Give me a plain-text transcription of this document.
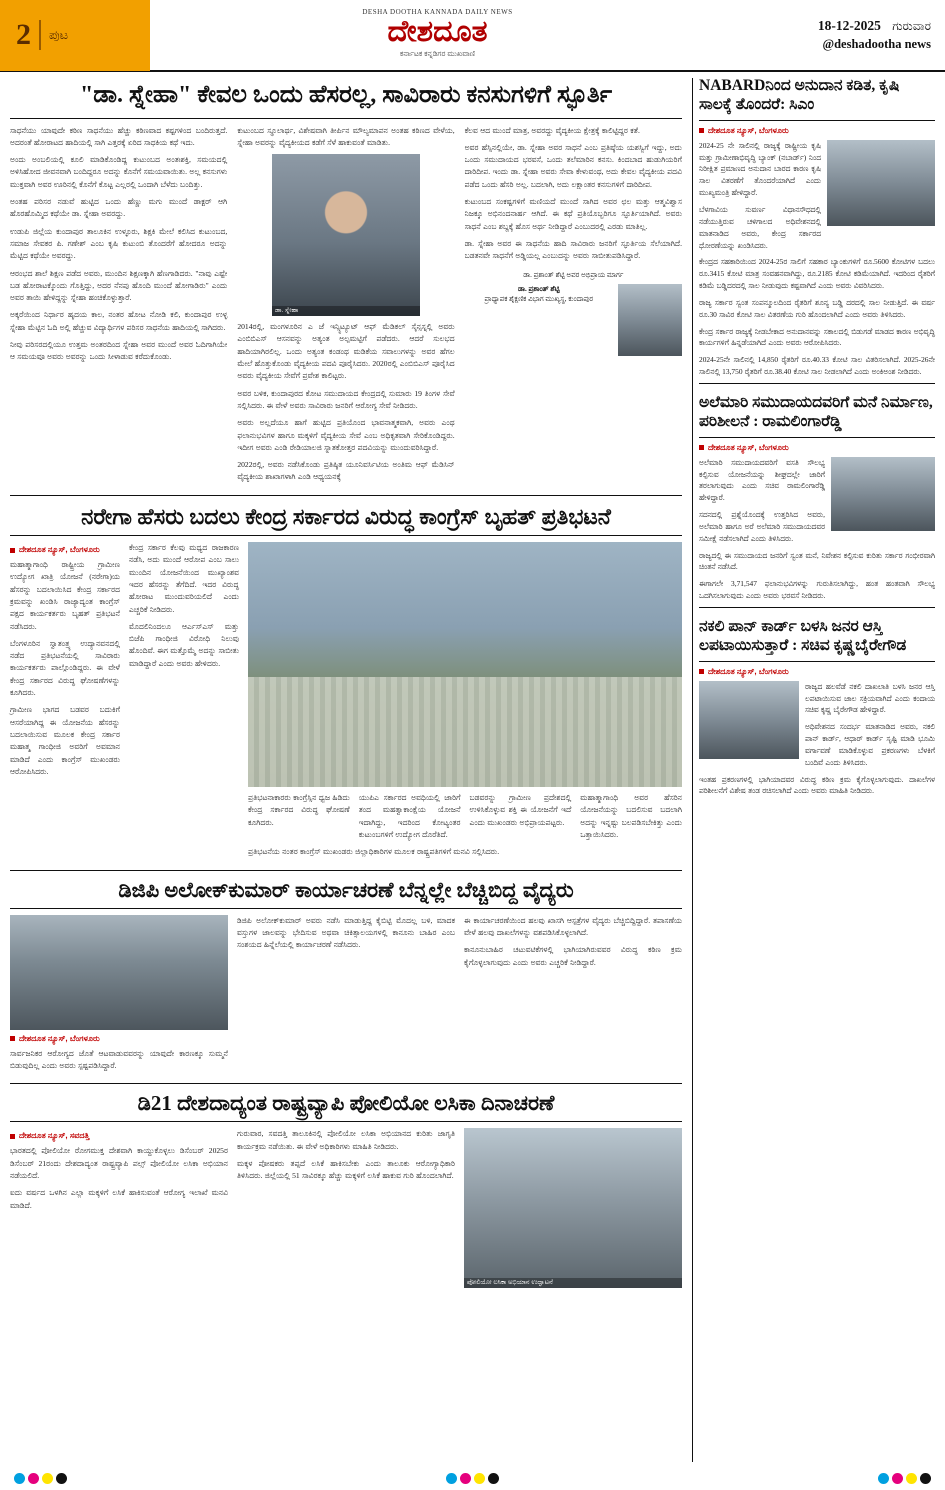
2 ಪುಟ
DESHA DOOTHA KANNADA DAILY NEWS
ದೇಶದೂತ
ಕರ್ನಾಟಕ ಕನ್ನಡಿಗರ ಮುಖವಾಣಿ
18-12-2025 ಗುರುವಾರ
@deshadootha news
"ಡಾ. ಸ್ನೇಹಾ" ಕೇವಲ ಒಂದು ಹೆಸರಲ್ಲ, ಸಾವಿರಾರು ಕನಸುಗಳಿಗೆ ಸ್ಫೂರ್ತಿ

ಸಾಧನೆಯು ಯಾವುದೇ ಕಠಿಣ ಸಾಧನೆಯು ಹೆಚ್ಚು ಕಠಿಣವಾದ ಕಷ್ಟಗಳಿಂದ ಬಂದಿರುತ್ತದೆ. ಅದರಂತೆ ಹೋರಾಟದ ಹಾದಿಯಲ್ಲಿ ಸಾಗಿ ಎತ್ತರಕ್ಕೆ ಏರಿದ ಸಾಧಕಿಯ ಕಥೆ ಇದು.

ಅಂದು ಅಂಬಲಿಯಲ್ಲಿ ಕೂಲಿ ಮಾಡಿಕೊಂಡಿದ್ದ ಕುಟುಂಬದ ಅಂತಃಶಕ್ತಿ, ಸಮಯದಲ್ಲಿ ಅಳಿಸಿಹೋದ ಜೀವನವಾಗಿ ಬಂದಿದ್ದರೂ ಅದನ್ನು ಕೊನೆಗೆ ಸಮಯವಾಯಿತು. ಅಲ್ಲ ಕನಸುಗಳು ಮುಕ್ತವಾಗಿ ಅವರ ಊರಿನಲ್ಲಿ ಕೊನೆಗೆ ಕೊಟ್ಟ ಎಲ್ಲರಲ್ಲಿ ಒಂದಾಗಿ ಬೆಳೆದು ಬಂದಿತ್ತು.

ಅಂತಹ ಪರಿಸರ ನಡುವೆ ಹುಟ್ಟಿದ ಒಂದು ಹೆಣ್ಣು ಮಗು ಮುಂದೆ ಡಾಕ್ಟರ್ ಆಗಿ ಹೊರಹೊಮ್ಮಿದ ಕಥೆಯೇ ಡಾ. ಸ್ನೇಹಾ ಅವರದ್ದು.

ಉಡುಪಿ ಜಿಲ್ಲೆಯ ಕುಂದಾಪುರ ತಾಲೂಕಿನ ಉಳ್ಳೂರು, ಶಿಕ್ಷಕಿ ಮೇಲೆ ಕಲಿಸಿದ ಕುಟುಂಬದ, ಸಮಾಜ ಸೇವಕರ ಪಿ. ಗಣೇಶ್ ಎಂಬ ಕೃಷಿ ಕುಟುಂಬಿ ತೊಂದರೆಗೆ ಹೋದರೂ ಅದನ್ನು ಮೆಟ್ಟಿದ ಕಥೆಯೇ ಅವರದ್ದು.

ಆರಂಭದ ಶಾಲೆ ಶಿಕ್ಷಣ ಪಡೆದ ಅವರು, ಮುಂದಿನ ಶಿಕ್ಷಣಕ್ಕಾಗಿ ಹೆಣಗಾಡಿದರು. "ನಾವು ಎಷ್ಟೇ ಬಡ ಹೋರಾಟಕ್ಕೊಂದು ಗೊತ್ತಿದ್ದು, ಅದರ ನೆನಪು ಹೊಂದಿ ಮುಂದೆ ಹೋಗಾಡಿರು" ಎಂದು ಅವರ ತಾಯಿ ಹೇಳಿದ್ದನ್ನು ಸ್ನೇಹಾ ಹಂಚಿಕೊಳ್ಳುತ್ತಾರೆ.

ಅಕ್ಕರೆಯಿಂದ ನಿರ್ಧಾರ ಹೃದಯ ಕಾಲ, ನಂತರ ಹೋಟ ನೋಡಿ ಕಲಿ, ಕುಂದಾಪುರ ಉಳ್ಳ ಸ್ನೇಹಾ ಮೆಟ್ಟಿನ ಓದಿ ಅಲ್ಲಿ ಹೆಚ್ಚುವ ವಿದ್ಯಾರ್ಥಿಗಳ ಪರಿಸರ ಸಾಧನೆಯ ಹಾದಿಯಲ್ಲಿ ಸಾಗಿದರು.

ನೀವು ಪರಿಸರದಲ್ಲಿಯೂ ಉತ್ತಮ ಅಂತರದಿಂದ ಸ್ನೇಹಾ ಅವರ ಮುಂದೆ ಅವರ ಓದಿಗಾಗಿಯೇ ಆ ಸಮಯವೂ ಅವರು ಅವರನ್ನು ಒಂದು ಸೀಳಾಡುವ ಕರೆದುಕೊಂಡು.

ಕುಟುಂಬದ ಸ್ಥೂಲಾರ್ಥ, ವಿಶೇಷವಾಗಿ ತೀರ್ಪಿನ ಮೌಲ್ಯಮಾಪನ ಅಂತಹ ಕಠಿಣದ ವೇಳೆಯ, ಸ್ನೇಹಾ ಅವರನ್ನು ವೈದ್ಯಕೀಯದ ಕಡೆಗೆ ಸೆಳೆ ಹಾಕುವಂತೆ ಮಾಡಿತು.

ಡಾ. ಸ್ನೇಹಾ

2014ರಲ್ಲಿ, ಮಂಗಳೂರಿನ ಎ ಜೆ ಇನ್ಸ್ಟಿಟ್ಯೂಟ್ ಆಫ್ ಮೆಡಿಕಲ್ ಸೈನ್ಸಸ್ನಲ್ಲಿ ಅವರು ಎಂಬಿಬಿಎಸ್ ಆಸನವನ್ನು ಅತ್ಯಂತ ಅಲ್ಪಮಟ್ಟಿಗೆ ಪಡೆದರು. ಆದರೆ ಸುಲಭದ ಹಾದಿಯಾಗಿರಲಿಲ್ಲ. ಒಂದು ಅತ್ಯಂತ ಕಂಡಂಥ ಮಡಿಕೆಯ ಸವಾಲುಗಳನ್ನು ಅವರ ಹೆಗಲ ಮೇಲೆ ಹೊತ್ತುಕೊಂಡು ವೈದ್ಯಕೀಯ ಪದವಿ ಪೂರೈಸಿದರು. 2020ರಲ್ಲಿ ಎಂಬಿಬಿಎಸ್ ಪೂರೈಸಿದ ಅವರು ವೈದ್ಯಕೀಯ ಸೇವೆಗೆ ಪ್ರವೇಶ ಕಾಲಿಟ್ಟರು.

ಅವರ ಬಳಿಕ, ಕುಂದಾಪುರದ ಕೋಟ ಸಮುದಾಯದ ಕೇಂದ್ರದಲ್ಲಿ ಸುಮಾರು 19 ತಿಂಗಳ ಸೇವೆ ಸಲ್ಲಿಸಿದರು. ಈ ವೇಳೆ ಅವರು ಸಾವಿರಾರು ಜನರಿಗೆ ಆರೋಗ್ಯ ಸೇವೆ ನೀಡಿದರು.

ಅವರು ಅಲ್ಲದೆಯೂ ಹಾಗೆ ಹುಟ್ಟಿದ ಪ್ರತಿಯೊಂದ ಭಾವನಾತ್ಮಕವಾಗಿ, ಅವರು ಎಂಥ ಫಲಾನುಭವಿಗಳ ಹಾಗೂ ಮಕ್ಕಳಿಗೆ ವೈದ್ಯಕೀಯ ಸೇವೆ ಎಂಬ ಅಧಿಕೃತವಾಗಿ ಸೇರಿಕೊಂಡಿದ್ದರು. ಇದೀಗ ಅವರು ಎಂಡಿ ರೇಡಿಯಾಲಜಿ ಸ್ನಾತಕೋತ್ತರ ಪದವಿಯನ್ನು ಮುಂದುವರಿಸಿದ್ದಾರೆ.

2022ರಲ್ಲಿ, ಅವರು ನಡೆಸಿಕೊಂಡು ಪ್ರತಿಷ್ಠಿತ ಯೂನಿವರ್ಸಿಟಿಯ ಅಂತಿಮ ಆಫ್ ಮೆಡಿಸಿನ್ ವೈದ್ಯಕೀಯ ಶಾಖಾಗಳಾಗಿ ಎಂಡಿ ಆಧ್ಯಯನಕ್ಕೆ

ಕೆಲವ ಆದ ಮುಂದೆ ಮಾತ್ರ, ಅವರದ್ದು ವೈದ್ಯಕೀಯ ಕ್ಷೇತ್ರಕ್ಕೆ ಕಾಲಿಟ್ಟಿದ್ದರ ಕತೆ.

ಅವರ ಹೆಸ್ಸಿನಲ್ಲಿಯೇ, ಡಾ. ಸ್ನೇಹಾ ಅವರ ಸಾಧನೆ ಎಂಬ ಪ್ರತಿಷ್ಠೆಯ ಯಶಸ್ವಿಗೆ ಇದ್ದು, ಅದು ಒಂದು ಸಮುದಾಯದ ಭರವಸೆ, ಒಂದು ತಲೆಮಾರಿನ ಕನಸು. ಕಿಂದಬಾದ ಹುಡುಗಿಯರಿಗೆ ದಾರಿದೀಪ. ಇಂದು ಡಾ. ಸ್ನೇಹಾ ಅವರು ಸೇವಾ ಕೇಳುವಂಥ, ಅದು ಕೇವಲ ವೈದ್ಯಕೀಯ ಪದವಿ ಪಡೆದ ಒಂದು ಹೆಸರಿ ಅಲ್ಲ. ಬದಲಾಗಿ, ಅದು ಲಕ್ಷಾಂತರ ಕನಸುಗಳಿಗೆ ದಾರಿದೀಪ.

ಕುಟುಂಬದ ಸಂಕಷ್ಟಗಳಿಗೆ ಮಣಿಯದೆ ಮುಂದೆ ಸಾಗಿದ ಅವರ ಛಲ ಮತ್ತು ಆತ್ಮವಿಶ್ವಾಸ ನಿಜಕ್ಕೂ ಅಭಿನಂದನಾರ್ಹ ಆಗಿದೆ. ಈ ಕಥೆ ಪ್ರತಿಯೊಬ್ಬರಿಗೂ ಸ್ಫೂರ್ತಿಯಾಗಿದೆ. ಅವರು ಸಾಧನೆ ಎಂಬ ಶಬ್ದಕ್ಕೆ ಹೊಸ ಅರ್ಥ ನೀಡಿದ್ದಾರೆ ಎಂಬುದರಲ್ಲಿ ಎರಡು ಮಾತಿಲ್ಲ.

ಡಾ. ಸ್ನೇಹಾ ಅವರ ಈ ಸಾಧನೆಯ ಹಾದಿ ಸಾವಿರಾರು ಜನರಿಗೆ ಸ್ಫೂರ್ತಿಯ ಸೆಲೆಯಾಗಿದೆ. ಬಡತನವೇ ಸಾಧನೆಗೆ ಅಡ್ಡಿಯಲ್ಲ ಎಂಬುದನ್ನು ಅವರು ಸಾಬೀತುಪಡಿಸಿದ್ದಾರೆ.

ಡಾ. ಪ್ರಶಾಂತ್ ಶೆಟ್ಟಿ ಅವರ ಅಭಿಪ್ರಾಯ ಮಾರ್ಗ
ಡಾ. ಪ್ರಶಾಂತ್ ಶೆಟ್ಟಿ
ಪ್ರಾಧ್ಯಾಪಕ ಶೈಕ್ಷಣಿಕ ವಿಭಾಗ ಮುಖ್ಯಸ್ಥ, ಕುಂದಾಪುರ
ನರೇಗಾ ಹೆಸರು ಬದಲು ಕೇಂದ್ರ ಸರ್ಕಾರದ ವಿರುದ್ಧ ಕಾಂಗ್ರೆಸ್ ಬೃಹತ್ ಪ್ರತಿಭಟನೆ
ದೇಶದೂತ ನ್ಯೂಸ್, ಬೆಂಗಳೂರು

ಮಹಾತ್ಮಾಗಾಂಧಿ ರಾಷ್ಟ್ರೀಯ ಗ್ರಾಮೀಣ ಉದ್ಯೋಗ ಖಾತ್ರಿ ಯೋಜನೆ (ನರೇಗಾ)ಯ ಹೆಸರನ್ನು ಬದಲಾಯಿಸಿದ ಕೇಂದ್ರ ಸರ್ಕಾರದ ಕ್ರಮವನ್ನು ಖಂಡಿಸಿ ರಾಜ್ಯಾದ್ಯಂತ ಕಾಂಗ್ರೆಸ್ ಪಕ್ಷದ ಕಾರ್ಯಕರ್ತರು ಬೃಹತ್ ಪ್ರತಿಭಟನೆ ನಡೆಸಿದರು.

ಬೆಂಗಳೂರಿನ ಸ್ವಾತಂತ್ರ್ಯ ಉದ್ಯಾನವನದಲ್ಲಿ ನಡೆದ ಪ್ರತಿಭಟನೆಯಲ್ಲಿ ಸಾವಿರಾರು ಕಾರ್ಯಕರ್ತರು ಪಾಲ್ಗೊಂಡಿದ್ದರು. ಈ ವೇಳೆ ಕೇಂದ್ರ ಸರ್ಕಾರದ ವಿರುದ್ಧ ಘೋಷಣೆಗಳನ್ನು ಕೂಗಿದರು.

ಗ್ರಾಮೀಣ ಭಾಗದ ಬಡವರ ಬದುಕಿಗೆ ಆಸರೆಯಾಗಿದ್ದ ಈ ಯೋಜನೆಯ ಹೆಸರನ್ನು ಬದಲಾಯಿಸುವ ಮೂಲಕ ಕೇಂದ್ರ ಸರ್ಕಾರ ಮಹಾತ್ಮ ಗಾಂಧೀಜಿ ಅವರಿಗೆ ಅವಮಾನ ಮಾಡಿದೆ ಎಂದು ಕಾಂಗ್ರೆಸ್ ಮುಖಂಡರು ಆರೋಪಿಸಿದರು.

ಕೇಂದ್ರ ಸರ್ಕಾರ ಕೆಲವು ಮಧ್ಯದ ರಾಜಕಾರಣ ನಡೆಸಿ, ಅದು ಮುಂದೆ ಆರೋಪ ಎಂಬ ಸಾಲು ಮುಂದಿನ ಯೋಜನೆಯಿಂದ ಮುಖ್ಯಾಂಶವ ಇದರ ಹೆಸರನ್ನು ತೆಗೆದಿದೆ. ಇದರ ವಿರುದ್ಧ ಹೋರಾಟ ಮುಂದುವರಿಯಲಿದೆ ಎಂದು ಎಚ್ಚರಿಕೆ ನೀಡಿದರು.

ಮೊದಲಿನಿಂದಲೂ ಆರ್ಎಸ್ಎಸ್ ಮತ್ತು ಬಿಜೆಪಿ ಗಾಂಧೀಜಿ ವಿರೋಧಿ ನಿಲುವು ಹೊಂದಿವೆ. ಈಗ ಮತ್ತೊಮ್ಮೆ ಅದನ್ನು ಸಾಬೀತು ಮಾಡಿದ್ದಾರೆ ಎಂದು ಅವರು ಹೇಳಿದರು.

ಪ್ರತಿಭಟನಾಕಾರರು ಕಾಂಗ್ರೆಸ್ಸಿನ ಧ್ವಜ ಹಿಡಿದು ಕೇಂದ್ರ ಸರ್ಕಾರದ ವಿರುದ್ಧ ಘೋಷಣೆ ಕೂಗಿದರು.

ಯುಪಿಎ ಸರ್ಕಾರದ ಅವಧಿಯಲ್ಲಿ ಜಾರಿಗೆ ತಂದ ಮಹತ್ವಾಕಾಂಕ್ಷೆಯ ಯೋಜನೆ ಇದಾಗಿದ್ದು, ಇದರಿಂದ ಕೋಟ್ಯಂತರ ಕುಟುಂಬಗಳಿಗೆ ಉದ್ಯೋಗ ದೊರೆತಿದೆ.

ಬಡವರನ್ನು ಗ್ರಾಮೀಣ ಪ್ರದೇಶದಲ್ಲಿ ಉಳಿಸಿಕೊಳ್ಳುವ ಶಕ್ತಿ ಈ ಯೋಜನೆಗೆ ಇದೆ ಎಂದು ಮುಖಂಡರು ಅಭಿಪ್ರಾಯಪಟ್ಟರು.

ಮಹಾತ್ಮಾಗಾಂಧಿ ಅವರ ಹೆಸರಿನ ಯೋಜನೆಯನ್ನು ಬದಲಿಸುವ ಬದಲಾಗಿ ಅದನ್ನು ಇನ್ನಷ್ಟು ಬಲಪಡಿಸಬೇಕಿತ್ತು ಎಂದು ಒತ್ತಾಯಿಸಿದರು.

ಪ್ರತಿಭಟನೆಯ ನಂತರ ಕಾಂಗ್ರೆಸ್ ಮುಖಂಡರು ಜಿಲ್ಲಾಧಿಕಾರಿಗಳ ಮೂಲಕ ರಾಷ್ಟ್ರಪತಿಗಳಿಗೆ ಮನವಿ ಸಲ್ಲಿಸಿದರು.

ಡಿಜಿಪಿ ಅಲೋಕ್‌ಕುಮಾರ್ ಕಾರ್ಯಾಚರಣೆ ಬೆನ್ನಲ್ಲೇ ಬೆಚ್ಚಿಬಿದ್ದ ವೈದ್ಯರು
ದೇಶದೂತ ನ್ಯೂಸ್, ಬೆಂಗಳೂರು

ಸಾರ್ವಜನಿಕರ ಆರೋಗ್ಯದ ಜೊತೆ ಆಟವಾಡುವವರನ್ನು ಯಾವುದೇ ಕಾರಣಕ್ಕೂ ಸುಮ್ಮನೆ ಬಿಡುವುದಿಲ್ಲ ಎಂದು ಅವರು ಸ್ಪಷ್ಟಪಡಿಸಿದ್ದಾರೆ.

ಡಿಜಿಪಿ ಅಲೋಕ್‌ಕುಮಾರ್ ಅವರು ನಡೆಸಿ ಮಾಡುತ್ತಿದ್ದ ಕೈಬಿಟ್ಟಿ ಮೊದಲ್ಲ ಬಳಿ, ಮಾದಕ ವಸ್ತುಗಳ ಜಾಲವನ್ನು ಭೇದಿಸುವ ಅಥವಾ ಚಿಕಿತ್ಸಾಲಯಗಳಲ್ಲಿ ಕಾನೂನು ಬಾಹಿರ ಎಂಬ ಸಂಶಯದ ಹಿನ್ನೆಲೆಯಲ್ಲಿ ಕಾರ್ಯಾಚರಣೆ ನಡೆಸಿದರು.

ಈ ಕಾರ್ಯಾಚರಣೆಯಿಂದ ಹಲವು ಖಾಸಗಿ ಆಸ್ಪತ್ರೆಗಳ ವೈದ್ಯರು ಬೆಚ್ಚಿಬಿದ್ದಿದ್ದಾರೆ. ತಪಾಸಣೆಯ ವೇಳೆ ಹಲವು ದಾಖಲೆಗಳನ್ನು ವಶಪಡಿಸಿಕೊಳ್ಳಲಾಗಿದೆ.

ಕಾನೂನುಬಾಹಿರ ಚಟುವಟಿಕೆಗಳಲ್ಲಿ ಭಾಗಿಯಾಗಿರುವವರ ವಿರುದ್ಧ ಕಠಿಣ ಕ್ರಮ ಕೈಗೊಳ್ಳಲಾಗುವುದು ಎಂದು ಅವರು ಎಚ್ಚರಿಕೆ ನೀಡಿದ್ದಾರೆ.

ಡಿ21 ದೇಶದಾದ್ಯಂತ ರಾಷ್ಟ್ರವ್ಯಾಪಿ ಪೋಲಿಯೋ ಲಸಿಕಾ ದಿನಾಚರಣೆ
ದೇಶದೂತ ನ್ಯೂಸ್, ಸವದತ್ತಿ

ಭಾರತದಲ್ಲಿ ಪೋಲಿಯೋ ರೋಗಮುಕ್ತ ದೇಶವಾಗಿ ಕಾಯ್ದುಕೊಳ್ಳಲು ಡಿಸೆಂಬರ್ 2025ರ ಡಿಸೆಂಬರ್ 21ರಂದು ದೇಶದಾದ್ಯಂತ ರಾಷ್ಟ್ರವ್ಯಾಪಿ ಪಲ್ಸ್ ಪೋಲಿಯೋ ಲಸಿಕಾ ಅಭಿಯಾನ ನಡೆಯಲಿದೆ.

ಐದು ವರ್ಷದ ಒಳಗಿನ ಎಲ್ಲಾ ಮಕ್ಕಳಿಗೆ ಲಸಿಕೆ ಹಾಕಿಸುವಂತೆ ಆರೋಗ್ಯ ಇಲಾಖೆ ಮನವಿ ಮಾಡಿದೆ.

ಗುರುವಾರ, ಸವದತ್ತಿ ತಾಲೂಕಿನಲ್ಲಿ ಪೋಲಿಯೋ ಲಸಿಕಾ ಅಭಿಯಾನದ ಕುರಿತು ಜಾಗೃತಿ ಕಾರ್ಯಕ್ರಮ ನಡೆಯಿತು. ಈ ವೇಳೆ ಅಧಿಕಾರಿಗಳು ಮಾಹಿತಿ ನೀಡಿದರು.

ಮಕ್ಕಳ ಪೋಷಕರು ತಪ್ಪದೆ ಲಸಿಕೆ ಹಾಕಿಸಬೇಕು ಎಂದು ತಾಲೂಕು ಆರೋಗ್ಯಾಧಿಕಾರಿ ತಿಳಿಸಿದರು. ಜಿಲ್ಲೆಯಲ್ಲಿ 51 ಸಾವಿರಕ್ಕೂ ಹೆಚ್ಚು ಮಕ್ಕಳಿಗೆ ಲಸಿಕೆ ಹಾಕುವ ಗುರಿ ಹೊಂದಲಾಗಿದೆ.

ಪೋಲಿಯೋ ಲಸಿಕಾ ಅಭಿಯಾನ ಉದ್ಘಾಟನೆ
NABARDನಿಂದ ಅನುದಾನ ಕಡಿತ, ಕೃಷಿ ಸಾಲಕ್ಕೆ ತೊಂದರೆ: ಸಿಎಂ
ದೇಶದೂತ ನ್ಯೂಸ್, ಬೆಂಗಳೂರು

2024-25 ನೇ ಸಾಲಿನಲ್ಲಿ ರಾಜ್ಯಕ್ಕೆ ರಾಷ್ಟ್ರೀಯ ಕೃಷಿ ಮತ್ತು ಗ್ರಾಮೀಣಾಭಿವೃದ್ಧಿ ಬ್ಯಾಂಕ್ (ನಬಾರ್ಡ್) ನಿಂದ ನಿರೀಕ್ಷಿತ ಪ್ರಮಾಣದ ಅನುದಾನ ಬಾರದ ಕಾರಣ ಕೃಷಿ ಸಾಲ ವಿತರಣೆಗೆ ತೊಂದರೆಯಾಗಿದೆ ಎಂದು ಮುಖ್ಯಮಂತ್ರಿ ಹೇಳಿದ್ದಾರೆ.

ಬೆಳಗಾವಿಯ ಸುವರ್ಣ ವಿಧಾನಸೌಧದಲ್ಲಿ ನಡೆಯುತ್ತಿರುವ ಚಳಿಗಾಲದ ಅಧಿವೇಶನದಲ್ಲಿ ಮಾತನಾಡಿದ ಅವರು, ಕೇಂದ್ರ ಸರ್ಕಾರದ ಧೋರಣೆಯನ್ನು ಖಂಡಿಸಿದರು.

ಕೇಂದ್ರದ ಸಹಕಾರಿಯಿಂದ 2024-25ರ ಸಾಲಿಗೆ ಸಹಕಾರ ಬ್ಯಾಂಕುಗಳಿಗೆ ರೂ.5600 ಕೋಟಿಗಳ ಬದಲು ರೂ.3415 ಕೋಟಿ ಮಾತ್ರ ಸಂವಹನವಾಗಿದ್ದು, ರೂ.2185 ಕೋಟಿ ಕಡಿಮೆಯಾಗಿದೆ. ಇದರಿಂದ ರೈತರಿಗೆ ಕಡಿಮೆ ಬಡ್ಡಿದರದಲ್ಲಿ ಸಾಲ ನೀಡುವುದು ಕಷ್ಟವಾಗಿದೆ ಎಂದು ಅವರು ವಿವರಿಸಿದರು.

ರಾಜ್ಯ ಸರ್ಕಾರ ಸ್ವಂತ ಸಂಪನ್ಮೂಲದಿಂದ ರೈತರಿಗೆ ಶೂನ್ಯ ಬಡ್ಡಿ ದರದಲ್ಲಿ ಸಾಲ ನೀಡುತ್ತಿದೆ. ಈ ವರ್ಷ ರೂ.30 ಸಾವಿರ ಕೋಟಿ ಸಾಲ ವಿತರಣೆಯ ಗುರಿ ಹೊಂದಲಾಗಿದೆ ಎಂದು ಅವರು ತಿಳಿಸಿದರು.

ಕೇಂದ್ರ ಸರ್ಕಾರ ರಾಜ್ಯಕ್ಕೆ ನೀಡಬೇಕಾದ ಅನುದಾನವನ್ನು ಸಕಾಲದಲ್ಲಿ ಬಿಡುಗಡೆ ಮಾಡದ ಕಾರಣ ಅಭಿವೃದ್ಧಿ ಕಾರ್ಯಗಳಿಗೆ ಹಿನ್ನಡೆಯಾಗಿದೆ ಎಂದು ಅವರು ಆರೋಪಿಸಿದರು.

2024-25ನೇ ಸಾಲಿನಲ್ಲಿ 14,850 ರೈತರಿಗೆ ರೂ.40.33 ಕೋಟಿ ಸಾಲ ವಿತರಿಸಲಾಗಿದೆ. 2025-26ನೇ ಸಾಲಿನಲ್ಲಿ 13,750 ರೈತರಿಗೆ ರೂ.38.40 ಕೋಟಿ ಸಾಲ ನೀಡಲಾಗಿದೆ ಎಂದು ಅಂಕಿಅಂಶ ನೀಡಿದರು.

ಅಲೆಮಾರಿ ಸಮುದಾಯದವರಿಗೆ ಮನೆ ನಿರ್ಮಾಣ, ಪರಿಶೀಲನೆ : ರಾಮಲಿಂಗಾರೆಡ್ಡಿ
ದೇಶದೂತ ನ್ಯೂಸ್, ಬೆಂಗಳೂರು

ಅಲೆಮಾರಿ ಸಮುದಾಯದವರಿಗೆ ವಸತಿ ಸೌಲಭ್ಯ ಕಲ್ಪಿಸುವ ಯೋಜನೆಯನ್ನು ಶೀಘ್ರದಲ್ಲೇ ಜಾರಿಗೆ ತರಲಾಗುವುದು ಎಂದು ಸಚಿವ ರಾಮಲಿಂಗಾರೆಡ್ಡಿ ಹೇಳಿದ್ದಾರೆ.

ಸದನದಲ್ಲಿ ಪ್ರಶ್ನೆಯೊಂದಕ್ಕೆ ಉತ್ತರಿಸಿದ ಅವರು, ಅಲೆಮಾರಿ ಹಾಗೂ ಅರೆ ಅಲೆಮಾರಿ ಸಮುದಾಯದವರ ಸಮೀಕ್ಷೆ ನಡೆಸಲಾಗಿದೆ ಎಂದು ತಿಳಿಸಿದರು.

ರಾಜ್ಯದಲ್ಲಿ ಈ ಸಮುದಾಯದ ಜನರಿಗೆ ಸ್ವಂತ ಮನೆ, ನಿವೇಶನ ಕಲ್ಪಿಸುವ ಕುರಿತು ಸರ್ಕಾರ ಗಂಭೀರವಾಗಿ ಚಿಂತನೆ ನಡೆಸಿದೆ.

ಈಗಾಗಲೇ 3,71,547 ಫಲಾನುಭವಿಗಳನ್ನು ಗುರುತಿಸಲಾಗಿದ್ದು, ಹಂತ ಹಂತವಾಗಿ ಸೌಲಭ್ಯ ಒದಗಿಸಲಾಗುವುದು ಎಂದು ಅವರು ಭರವಸೆ ನೀಡಿದರು.

ನಕಲಿ ಪಾನ್ ಕಾರ್ಡ್ ಬಳಸಿ ಜನರ ಆಸ್ತಿ ಲಪಟಾಯಿಸುತ್ತಾರೆ : ಸಚಿವ ಕೃಷ್ಣಬೈರೇಗೌಡ
ದೇಶದೂತ ನ್ಯೂಸ್, ಬೆಂಗಳೂರು

ರಾಜ್ಯದ ಹಲವೆಡೆ ನಕಲಿ ದಾಖಲಾತಿ ಬಳಸಿ ಜನರ ಆಸ್ತಿ ಲಪಟಾಯಿಸುವ ಜಾಲ ಸಕ್ರಿಯವಾಗಿದೆ ಎಂದು ಕಂದಾಯ ಸಚಿವ ಕೃಷ್ಣ ಬೈರೇಗೌಡ ಹೇಳಿದ್ದಾರೆ.

ಅಧಿವೇಶನದ ಸಂದರ್ಭ ಮಾತನಾಡಿದ ಅವರು, ನಕಲಿ ಪಾನ್ ಕಾರ್ಡ್, ಆಧಾರ್ ಕಾರ್ಡ್ ಸೃಷ್ಟಿ ಮಾಡಿ ಭೂಮಿ ವರ್ಗಾವಣೆ ಮಾಡಿಕೊಳ್ಳುವ ಪ್ರಕರಣಗಳು ಬೆಳಕಿಗೆ ಬಂದಿವೆ ಎಂದು ತಿಳಿಸಿದರು.

ಇಂತಹ ಪ್ರಕರಣಗಳಲ್ಲಿ ಭಾಗಿಯಾದವರ ವಿರುದ್ಧ ಕಠಿಣ ಕ್ರಮ ಕೈಗೊಳ್ಳಲಾಗುವುದು. ದಾಖಲೆಗಳ ಪರಿಶೀಲನೆಗೆ ವಿಶೇಷ ತಂಡ ರಚಿಸಲಾಗಿದೆ ಎಂದು ಅವರು ಮಾಹಿತಿ ನೀಡಿದರು.
